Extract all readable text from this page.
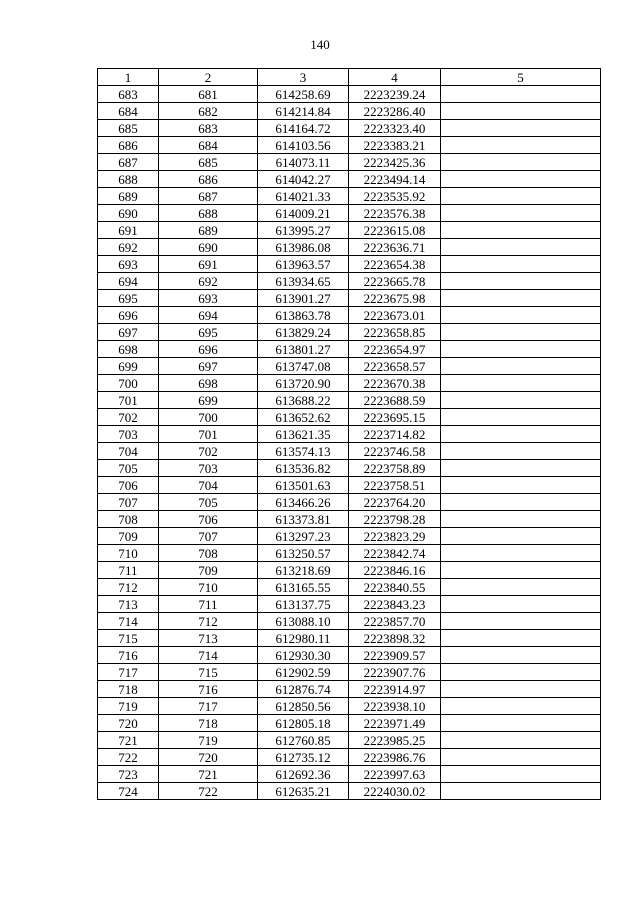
140
1	2	3	4	5
683	681	614258.69	2223239.24	
684	682	614214.84	2223286.40	
685	683	614164.72	2223323.40	
686	684	614103.56	2223383.21	
687	685	614073.11	2223425.36	
688	686	614042.27	2223494.14	
689	687	614021.33	2223535.92	
690	688	614009.21	2223576.38	
691	689	613995.27	2223615.08	
692	690	613986.08	2223636.71	
693	691	613963.57	2223654.38	
694	692	613934.65	2223665.78	
695	693	613901.27	2223675.98	
696	694	613863.78	2223673.01	
697	695	613829.24	2223658.85	
698	696	613801.27	2223654.97	
699	697	613747.08	2223658.57	
700	698	613720.90	2223670.38	
701	699	613688.22	2223688.59	
702	700	613652.62	2223695.15	
703	701	613621.35	2223714.82	
704	702	613574.13	2223746.58	
705	703	613536.82	2223758.89	
706	704	613501.63	2223758.51	
707	705	613466.26	2223764.20	
708	706	613373.81	2223798.28	
709	707	613297.23	2223823.29	
710	708	613250.57	2223842.74	
711	709	613218.69	2223846.16	
712	710	613165.55	2223840.55	
713	711	613137.75	2223843.23	
714	712	613088.10	2223857.70	
715	713	612980.11	2223898.32	
716	714	612930.30	2223909.57	
717	715	612902.59	2223907.76	
718	716	612876.74	2223914.97	
719	717	612850.56	2223938.10	
720	718	612805.18	2223971.49	
721	719	612760.85	2223985.25	
722	720	612735.12	2223986.76	
723	721	612692.36	2223997.63	
724	722	612635.21	2224030.02	
